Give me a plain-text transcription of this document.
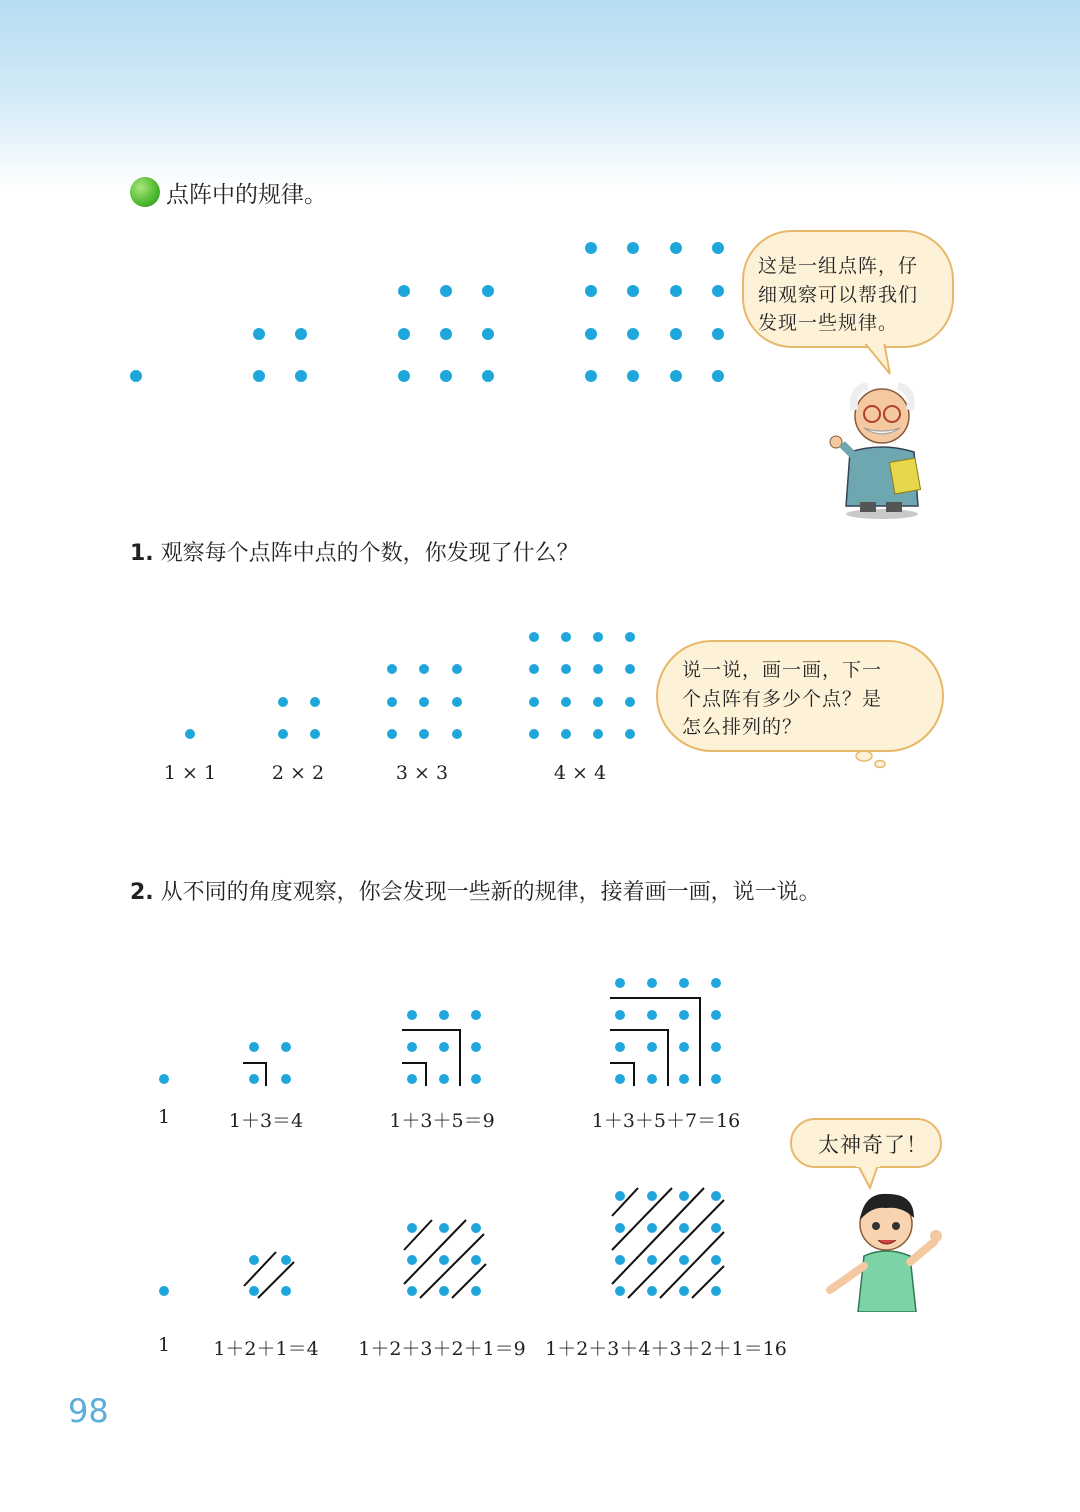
点阵中的规律。
这是一组点阵，仔
细观察可以帮我们
发现一些规律。
1. 观察每个点阵中点的个数，你发现了什么？
1 × 1	2 × 2	3 × 3	4 × 4
说一说，画一画，下一
个点阵有多少个点？是
怎么排列的？
2. 从不同的角度观察，你会发现一些新的规律，接着画一画，说一说。
1	1＋3＝4	1＋3＋5＝9	1＋3＋5＋7＝16
太神奇了！
1 1＋2＋1＝4 1＋2＋3＋2＋1＝9 1＋2＋3＋4＋3＋2＋1＝16
98
